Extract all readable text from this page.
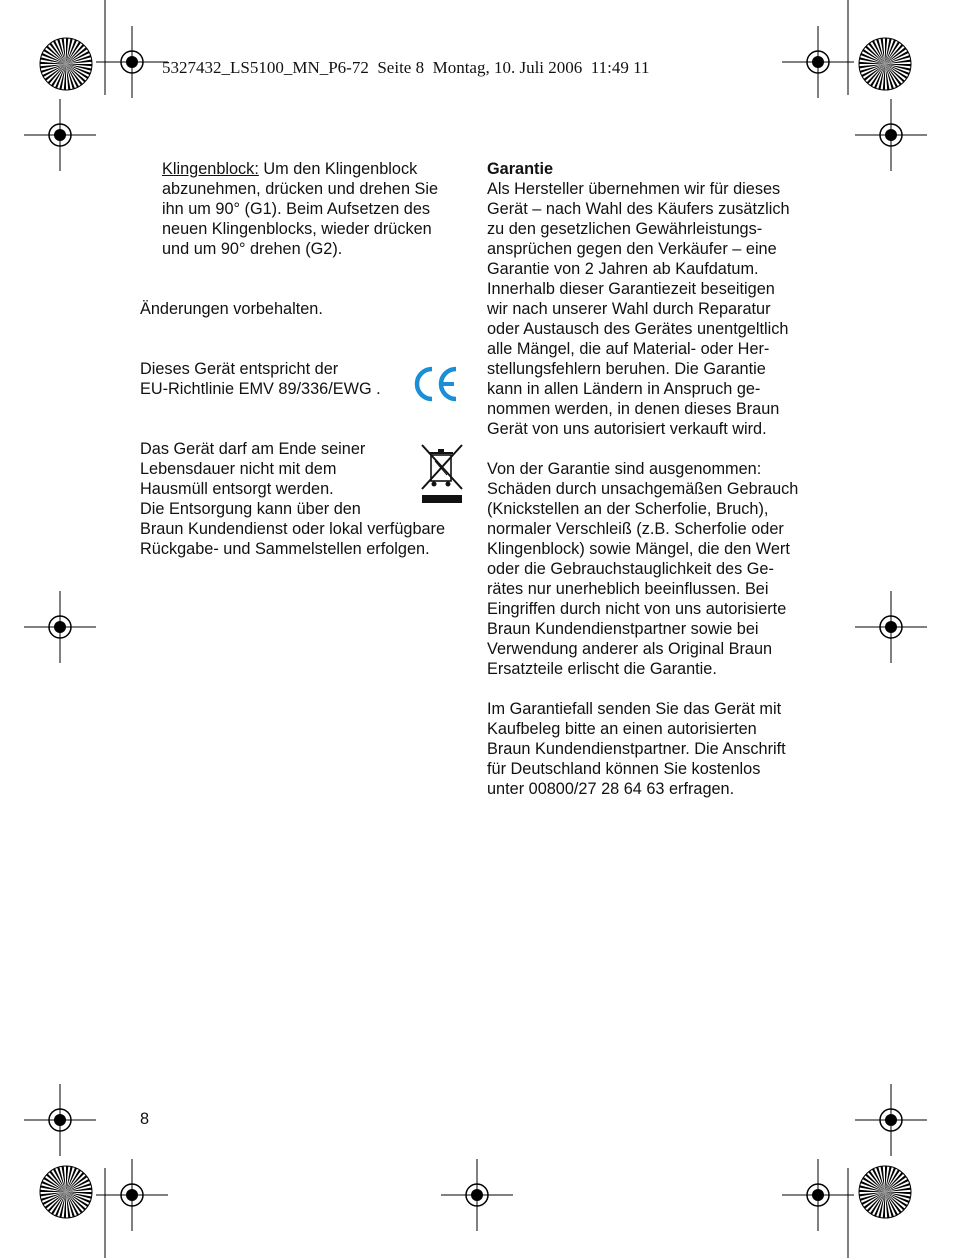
5327432_LS5100_MN_P6-72  Seite 8  Montag, 10. Juli 2006  11:49 11

Klingenblock: Um den Klingenblock
abzunehmen, drücken und drehen Sie
ihn um 90° (G1). Beim Aufsetzen des
neuen Klingenblocks, wieder drücken
und um 90° drehen (G2).

Änderungen vorbehalten.
Dieses Gerät entspricht der
EU-Richtlinie EMV 89/336/EWG .
Das Gerät darf am Ende seiner
Lebensdauer nicht mit dem
Hausmüll entsorgt werden.
Die Entsorgung kann über den
Braun Kundendienst oder lokal verfügbare
Rückgabe- und Sammelstellen erfolgen.

Garantie

Als Hersteller übernehmen wir für dieses
Gerät – nach Wahl des Käufers zusätzlich
zu den gesetzlichen Gewährleistungs-
ansprüchen gegen den Verkäufer – eine
Garantie von 2 Jahren ab Kaufdatum.
Innerhalb dieser Garantiezeit beseitigen
wir nach unserer Wahl durch Reparatur
oder Austausch des Gerätes unentgeltlich
alle Mängel, die auf Material- oder Her-
stellungsfehlern beruhen. Die Garantie
kann in allen Ländern in Anspruch ge-
nommen werden, in denen dieses Braun
Gerät von uns autorisiert verkauft wird.

Von der Garantie sind ausgenommen:
Schäden durch unsachgemäßen Gebrauch
(Knickstellen an der Scherfolie, Bruch),
normaler Verschleiß (z.B. Scherfolie oder
Klingenblock) sowie Mängel, die den Wert
oder die Gebrauchstauglichkeit des Ge-
rätes nur unerheblich beeinflussen. Bei
Eingriffen durch nicht von uns autorisierte
Braun Kundendienstpartner sowie bei
Verwendung anderer als Original Braun
Ersatzteile erlischt die Garantie.

Im Garantiefall senden Sie das Gerät mit
Kaufbeleg bitte an einen autorisierten
Braun Kundendienstpartner. Die Anschrift
für Deutschland können Sie kostenlos
unter 00800/27 28 64 63 erfragen.

8
